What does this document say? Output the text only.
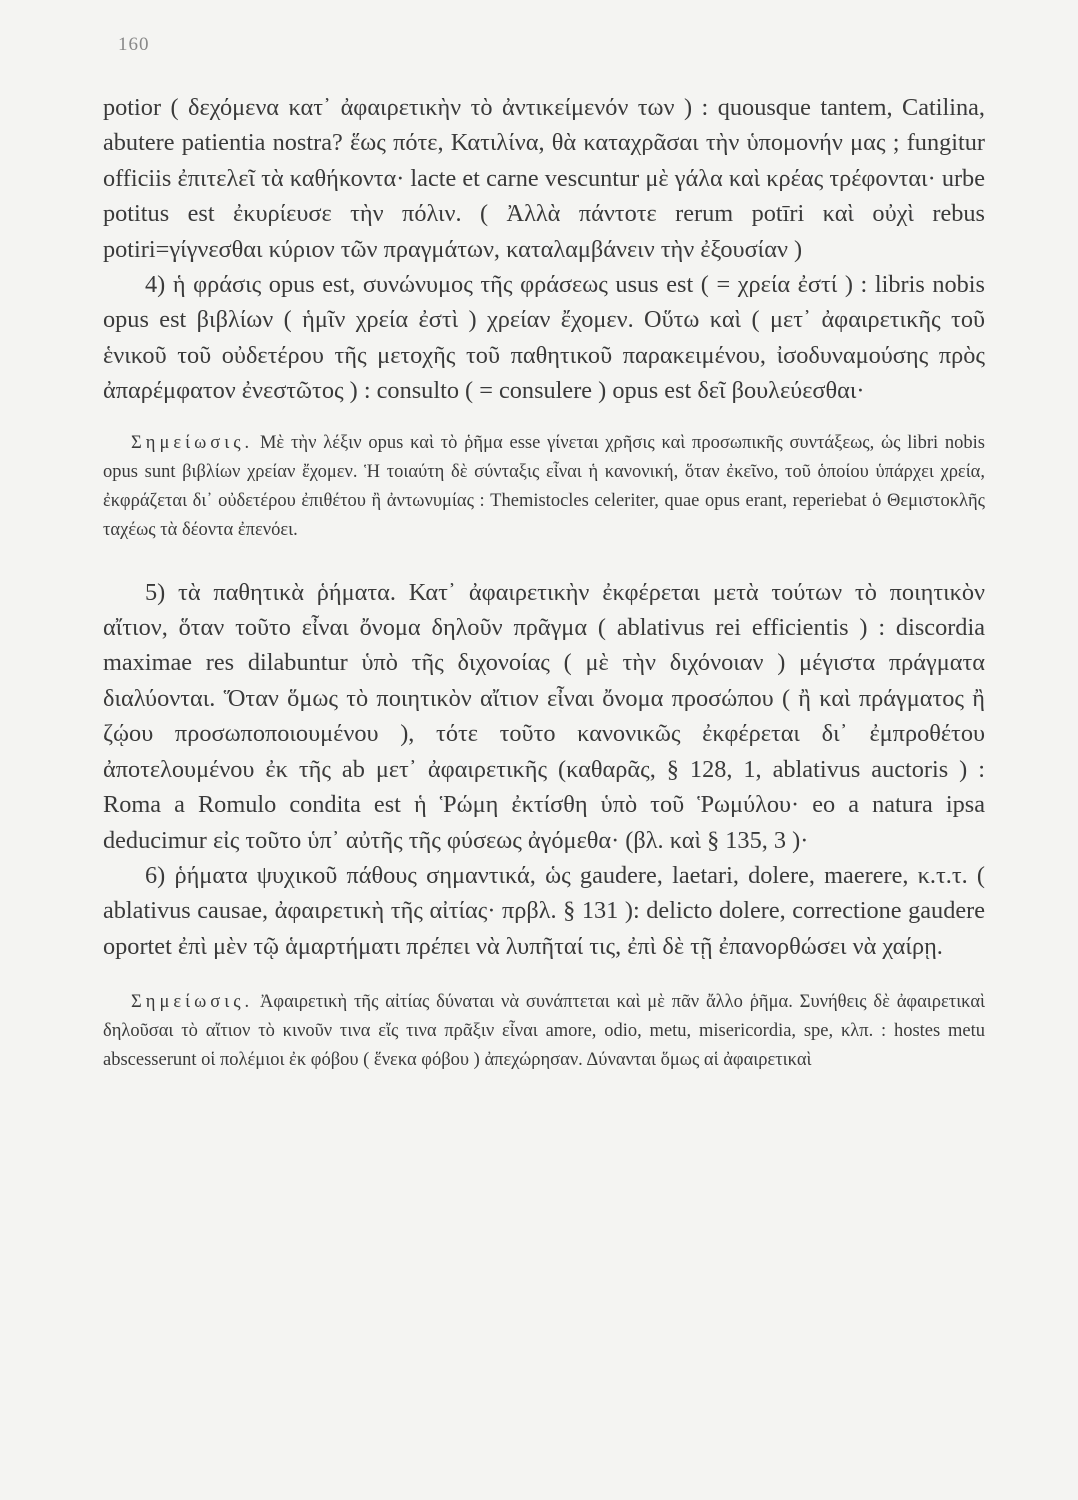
160

potior ( δεχόμενα κατ᾽ ἀφαιρετικὴν τὸ ἀντικείμενόν των ) : quousque tantem, Catilina, abutere patientia nostra? ἕως πότε, Κατιλίνα, θὰ καταχρᾶσαι τὴν ὑπομονήν μας ; fungitur officiis ἐπιτελεῖ τὰ καθήκοντα· lacte et carne vescuntur μὲ γάλα καὶ κρέας τρέφονται· urbe potitus est ἐκυρίευσε τὴν πόλιν. ( Ἀλλὰ πάντοτε rerum potīri καὶ οὐχὶ rebus potiri=γίγνεσθαι κύριον τῶν πραγμάτων, καταλαμβάνειν τὴν ἐξουσίαν )

4) ἡ φράσις opus est, συνώνυμος τῆς φράσεως usus est ( = χρεία ἐστί ) : libris nobis opus est βιβλίων ( ἡμῖν χρεία ἐστὶ ) χρείαν ἔχομεν. Οὕτω καὶ ( μετ᾽ ἀφαιρετικῆς τοῦ ἑνικοῦ τοῦ οὐδετέρου τῆς μετοχῆς τοῦ παθητικοῦ παρακειμένου, ἰσοδυναμούσης πρὸς ἀπαρέμφατον ἐνεστῶτος ) : consulto ( = consulere ) opus est δεῖ βουλεύεσθαι·

Σημείωσις. Μὲ τὴν λέξιν opus καὶ τὸ ῥῆμα esse γίνεται χρῆσις καὶ προσωπικῆς συντάξεως, ὡς libri nobis opus sunt βιβλίων χρείαν ἔχομεν. Ἡ τοιαύτη δὲ σύνταξις εἶναι ἡ κανονική, ὅταν ἐκεῖνο, τοῦ ὁποίου ὑπάρχει χρεία, ἐκφράζεται δι᾽ οὐδετέρου ἐπιθέτου ἢ ἀντωνυμίας : Themistocles celeriter, quae opus erant, reperiebat ὁ Θεμιστοκλῆς ταχέως τὰ δέοντα ἐπενόει.

5) τὰ παθητικὰ ῥήματα. Κατ᾽ ἀφαιρετικὴν ἐκφέρεται μετὰ τούτων τὸ ποιητικὸν αἴτιον, ὅταν τοῦτο εἶναι ὄνομα δηλοῦν πρᾶγμα ( ablativus rei efficientis ) : discordia maximae res dilabuntur ὑπὸ τῆς διχονοίας ( μὲ τὴν διχόνοιαν ) μέγιστα πράγματα διαλύονται. Ὅταν ὅμως τὸ ποιητικὸν αἴτιον εἶναι ὄνομα προσώπου ( ἢ καὶ πράγματος ἢ ζῴου προσωποποιουμένου ), τότε τοῦτο κανονικῶς ἐκφέρεται δι᾽ ἐμπροθέτου ἀποτελουμένου ἐκ τῆς ab μετ᾽ ἀφαιρετικῆς (καθαρᾶς, § 128, 1, ablativus auctoris ) : Roma a Romulo condita est ἡ Ῥώμη ἐκτίσθη ὑπὸ τοῦ Ῥωμύλου· eo a natura ipsa deducimur εἰς τοῦτο ὑπ᾽ αὐτῆς τῆς φύσεως ἀγόμεθα· (βλ. καὶ § 135, 3 )·

6) ῥήματα ψυχικοῦ πάθους σημαντικά, ὡς gaudere, laetari, dolere, maerere, κ.τ.τ. ( ablativus causae, ἀφαιρετικὴ τῆς αἰτίας· πρβλ. § 131 ): delicto dolere, correctione gaudere oportet ἐπὶ μὲν τῷ ἁμαρτήματι πρέπει νὰ λυπῆταί τις, ἐπὶ δὲ τῇ ἐπανορθώσει νὰ χαίρῃ.

Σημείωσις. Ἀφαιρετικὴ τῆς αἰτίας δύναται νὰ συνάπτεται καὶ μὲ πᾶν ἄλλο ῥῆμα. Συνήθεις δὲ ἀφαιρετικαὶ δηλοῦσαι τὸ αἴτιον τὸ κινοῦν τινα εἴς τινα πρᾶξιν εἶναι amore, odio, metu, misericordia, spe, κλπ. : hostes metu abscesserunt οἱ πολέμιοι ἐκ φόβου ( ἕνεκα φόβου ) ἀπεχώρησαν. Δύνανται ὅμως αἱ ἀφαιρετικαὶ
